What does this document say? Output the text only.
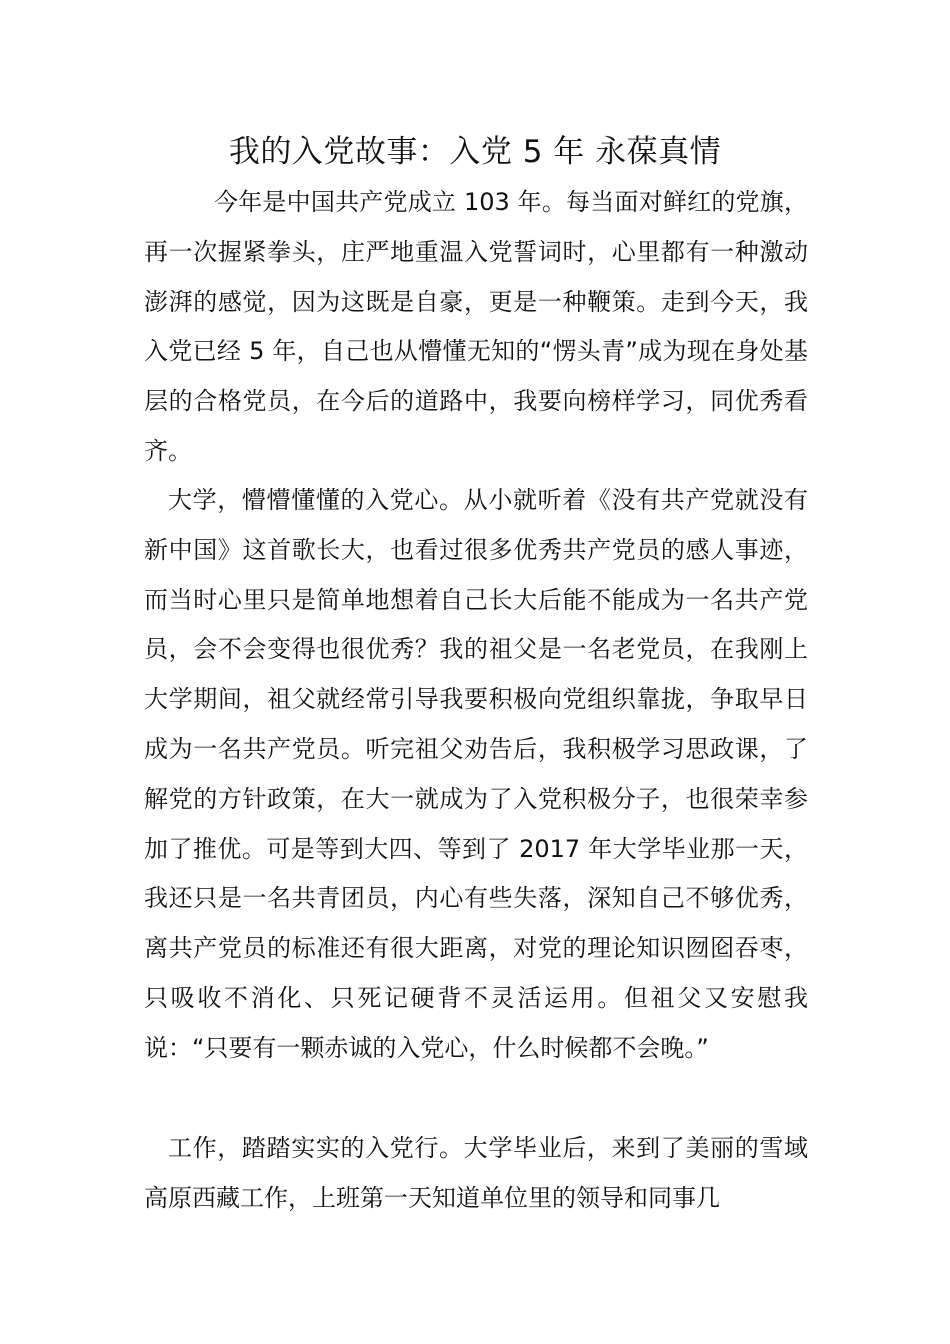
我的入党故事：入党 5 年 永葆真情

今年是中国共产党成立 103 年。每当面对鲜红的党旗，再一次握紧拳头，庄严地重温入党誓词时，心里都有一种激动澎湃的感觉，因为这既是自豪，更是一种鞭策。走到今天，我入党已经 5 年，自己也从懵懂无知的“愣头青”成为现在身处基层的合格党员，在今后的道路中，我要向榜样学习，同优秀看齐。

大学，懵懵懂懂的入党心。从小就听着《没有共产党就没有新中国》这首歌长大，也看过很多优秀共产党员的感人事迹，而当时心里只是简单地想着自己长大后能不能成为一名共产党员，会不会变得也很优秀？我的祖父是一名老党员，在我刚上大学期间，祖父就经常引导我要积极向党组织靠拢，争取早日成为一名共产党员。听完祖父劝告后，我积极学习思政课，了解党的方针政策，在大一就成为了入党积极分子，也很荣幸参加了推优。可是等到大四、等到了 2017 年大学毕业那一天，我还只是一名共青团员，内心有些失落，深知自己不够优秀，离共产党员的标准还有很大距离，对党的理论知识囫囵吞枣，只吸收不消化、只死记硬背不灵活运用。但祖父又安慰我说：“只要有一颗赤诚的入党心，什么时候都不会晚。”

工作，踏踏实实的入党行。大学毕业后，来到了美丽的雪域高原西藏工作，上班第一天知道单位里的领导和同事几
